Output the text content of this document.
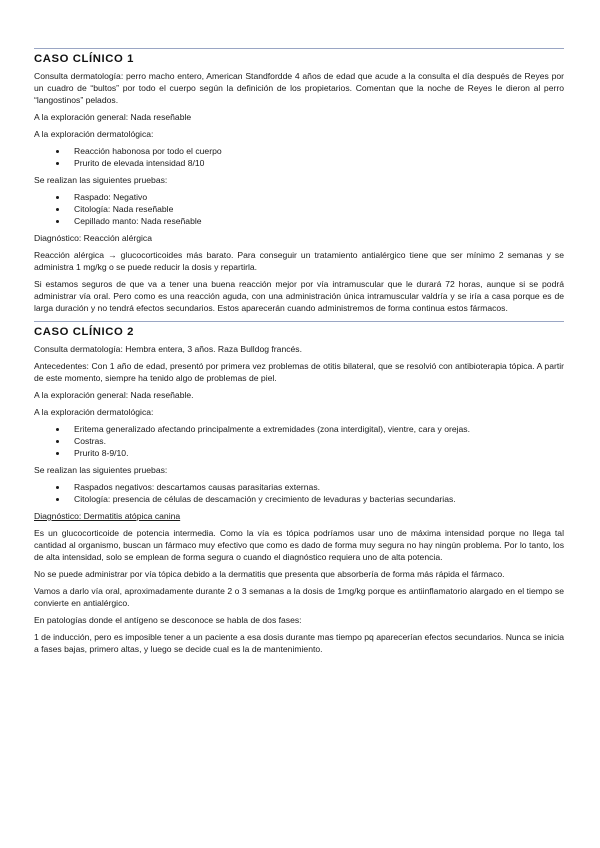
CASO CLÍNICO 1

Consulta dermatología: perro macho entero, American Standfordde 4 años de edad que acude a la consulta el día después de Reyes por un cuadro de “bultos” por todo el cuerpo según la definición de los propietarios. Comentan que la noche de Reyes le dieron al perro “langostinos” pelados.

A la exploración general: Nada reseñable

A la exploración dermatológica:

• Reacción habonosa por todo el cuerpo
• Prurito de elevada intensidad 8/10

Se realizan las siguientes pruebas:

• Raspado: Negativo
• Citología: Nada reseñable
• Cepillado manto: Nada reseñable

Diagnóstico: Reacción alérgica

Reacción alérgica → glucocorticoides más barato. Para conseguir un tratamiento antialérgico tiene que ser mínimo 2 semanas y se administra 1 mg/kg o se puede reducir la dosis y repartirla.

Si estamos seguros de que va a tener una buena reacción mejor por vía intramuscular que le durará 72 horas, aunque si se podrá administrar vía oral. Pero como es una reacción aguda, con una administración única intramuscular valdría y se iría a casa porque es de larga duración y no tendrá efectos secundarios. Estos aparecerán cuando administremos de forma continua estos fármacos.

CASO CLÍNICO 2

Consulta dermatología: Hembra entera, 3 años. Raza Bulldog francés.

Antecedentes: Con 1 año de edad, presentó por primera vez problemas de otitis bilateral, que se resolvió con antibioterapia tópica. A partir de este momento, siempre ha tenido algo de problemas de piel.

A la exploración general: Nada reseñable.

A la exploración dermatológica:

• Eritema generalizado afectando principalmente a extremidades (zona interdigital), vientre, cara y orejas.
• Costras.
• Prurito 8-9/10.

Se realizan las siguientes pruebas:

• Raspados negativos: descartamos causas parasitarias externas.
• Citología: presencia de células de descamación y crecimiento de levaduras y bacterias secundarias.

Diagnóstico: Dermatitis atópica canina

Es un glucocorticoide de potencia intermedia. Como la vía es tópica podríamos usar uno de máxima intensidad porque no llega tal cantidad al organismo, buscan un fármaco muy efectivo que como es dado de forma muy segura no hay ningún problema. Por lo tanto, los de alta intensidad, solo se emplean de forma segura o cuando el diagnóstico requiera uno de alta potencia.

No se puede administrar por vía tópica debido a la dermatitis que presenta que absorbería de forma más rápida el fármaco.

Vamos a darlo vía oral, aproximadamente durante 2 o 3 semanas a la dosis de 1mg/kg porque es antiinflamatorio alargado en el tiempo se convierte en antialérgico.

En patologías donde el antígeno se desconoce se habla de dos fases:

1 de inducción, pero es imposible tener a un paciente a esa dosis durante mas tiempo pq aparecerían efectos secundarios. Nunca se inicia a fases bajas, primero altas, y luego se decide cual es la de mantenimiento.
